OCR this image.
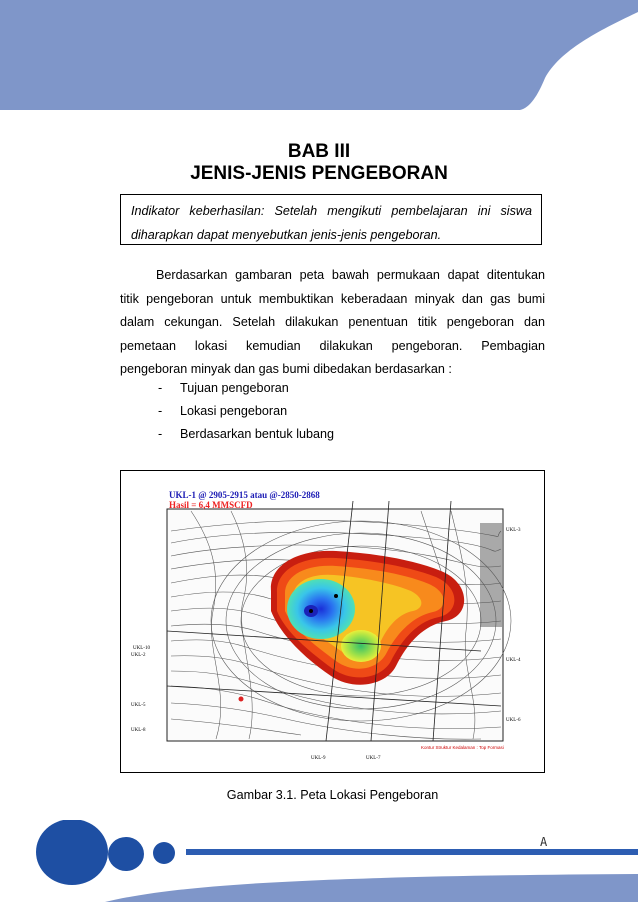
BAB III
JENIS-JENIS PENGEBORAN
Indikator keberhasilan: Setelah mengikuti pembelajaran ini siswa
diharapkan dapat menyebutkan jenis-jenis pengeboran.
Berdasarkan gambaran peta bawah permukaan dapat ditentukan
titik pengeboran untuk membuktikan keberadaan minyak dan gas bumi
dalam cekungan. Setelah dilakukan penentuan titik pengeboran dan
pemetaan lokasi kemudian dilakukan pengeboran. Pembagian
pengeboran minyak dan gas bumi dibedakan berdasarkan :
- Tujuan pengeboran
- Lokasi pengeboran
- Berdasarkan bentuk lubang
UKL-1 @ 2905-2915 atau @-2850-2868
Hasil = 6,4 MMSCFD
UKL-3
UKL-4
UKL-2
UKL-5
UKL-6
UKL-8
UKL-9	UKL-7
UKL-10
Kontur Struktur Kedalaman : Top Formasi
Gambar 3.1. Peta Lokasi Pengeboran
A
